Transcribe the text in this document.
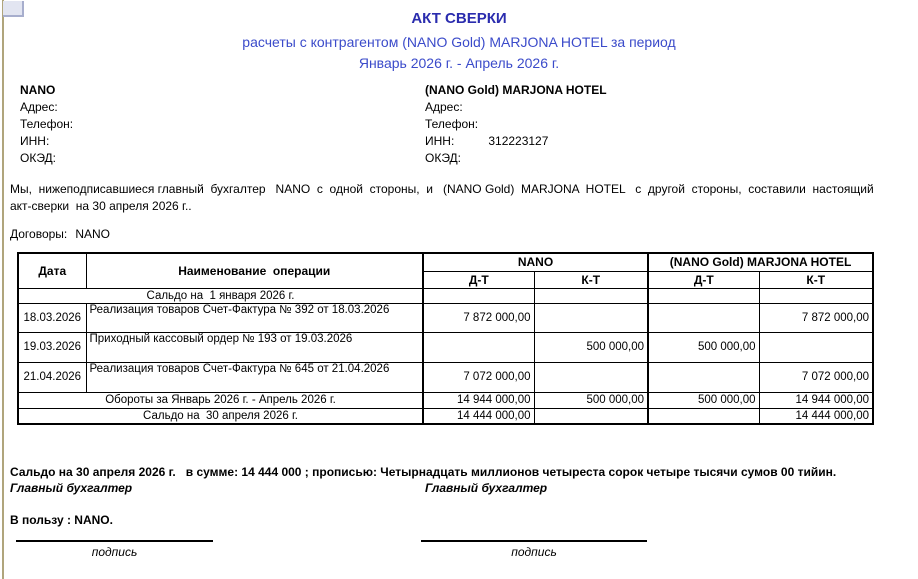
АКТ СВЕРКИ
расчеты с контрагентом (NANO Gold) MARJONA HOTEL за период
Январь 2026 г. - Апрель 2026 г.
NANO
Адрес:
Телефон:
ИНН:
ОКЭД:
(NANO Gold) MARJONA HOTEL
Адрес:
Телефон:
ИНН:	312223127
ОКЭД:
Мы,  нижеподписавшиеся главный  бухгалтер   NANO  с  одной  стороны,  и   (NANO Gold)  MARJONA  HOTEL   с  другой  стороны,  составили  настоящий  акт-сверки  на 30 апреля 2026 г..
Договоры: NANO
Дата	Наименование  операции	NANO		(NANO Gold) MARJONA HOTEL	
		Д-Т	К-Т	Д-Т	К-Т
Сальдо на  1 января 2026 г.					
18.03.2026	Реализация товаров Счет-Фактура № 392 от 18.03.2026	7 872 000,00			7 872 000,00
19.03.2026	Приходный кассовый ордер № 193 от 19.03.2026		500 000,00	500 000,00	
21.04.2026	Реализация товаров Счет-Фактура № 645 от 21.04.2026	7 072 000,00			7 072 000,00
Обороты за Январь 2026 г. - Апрель 2026 г.		14 944 000,00	500 000,00	500 000,00	14 944 000,00
Сальдо на  30 апреля 2026 г.		14 444 000,00			14 444 000,00

Сальдо на 30 апреля 2026 г.   в сумме: 14 444 000 ; прописью: Четырнадцать миллионов четыреста сорок четыре тысячи сумов 00 тийин.

В пользу : NANO.

Главный бухгалтер	Главный бухгалтер
подпись	подпись
